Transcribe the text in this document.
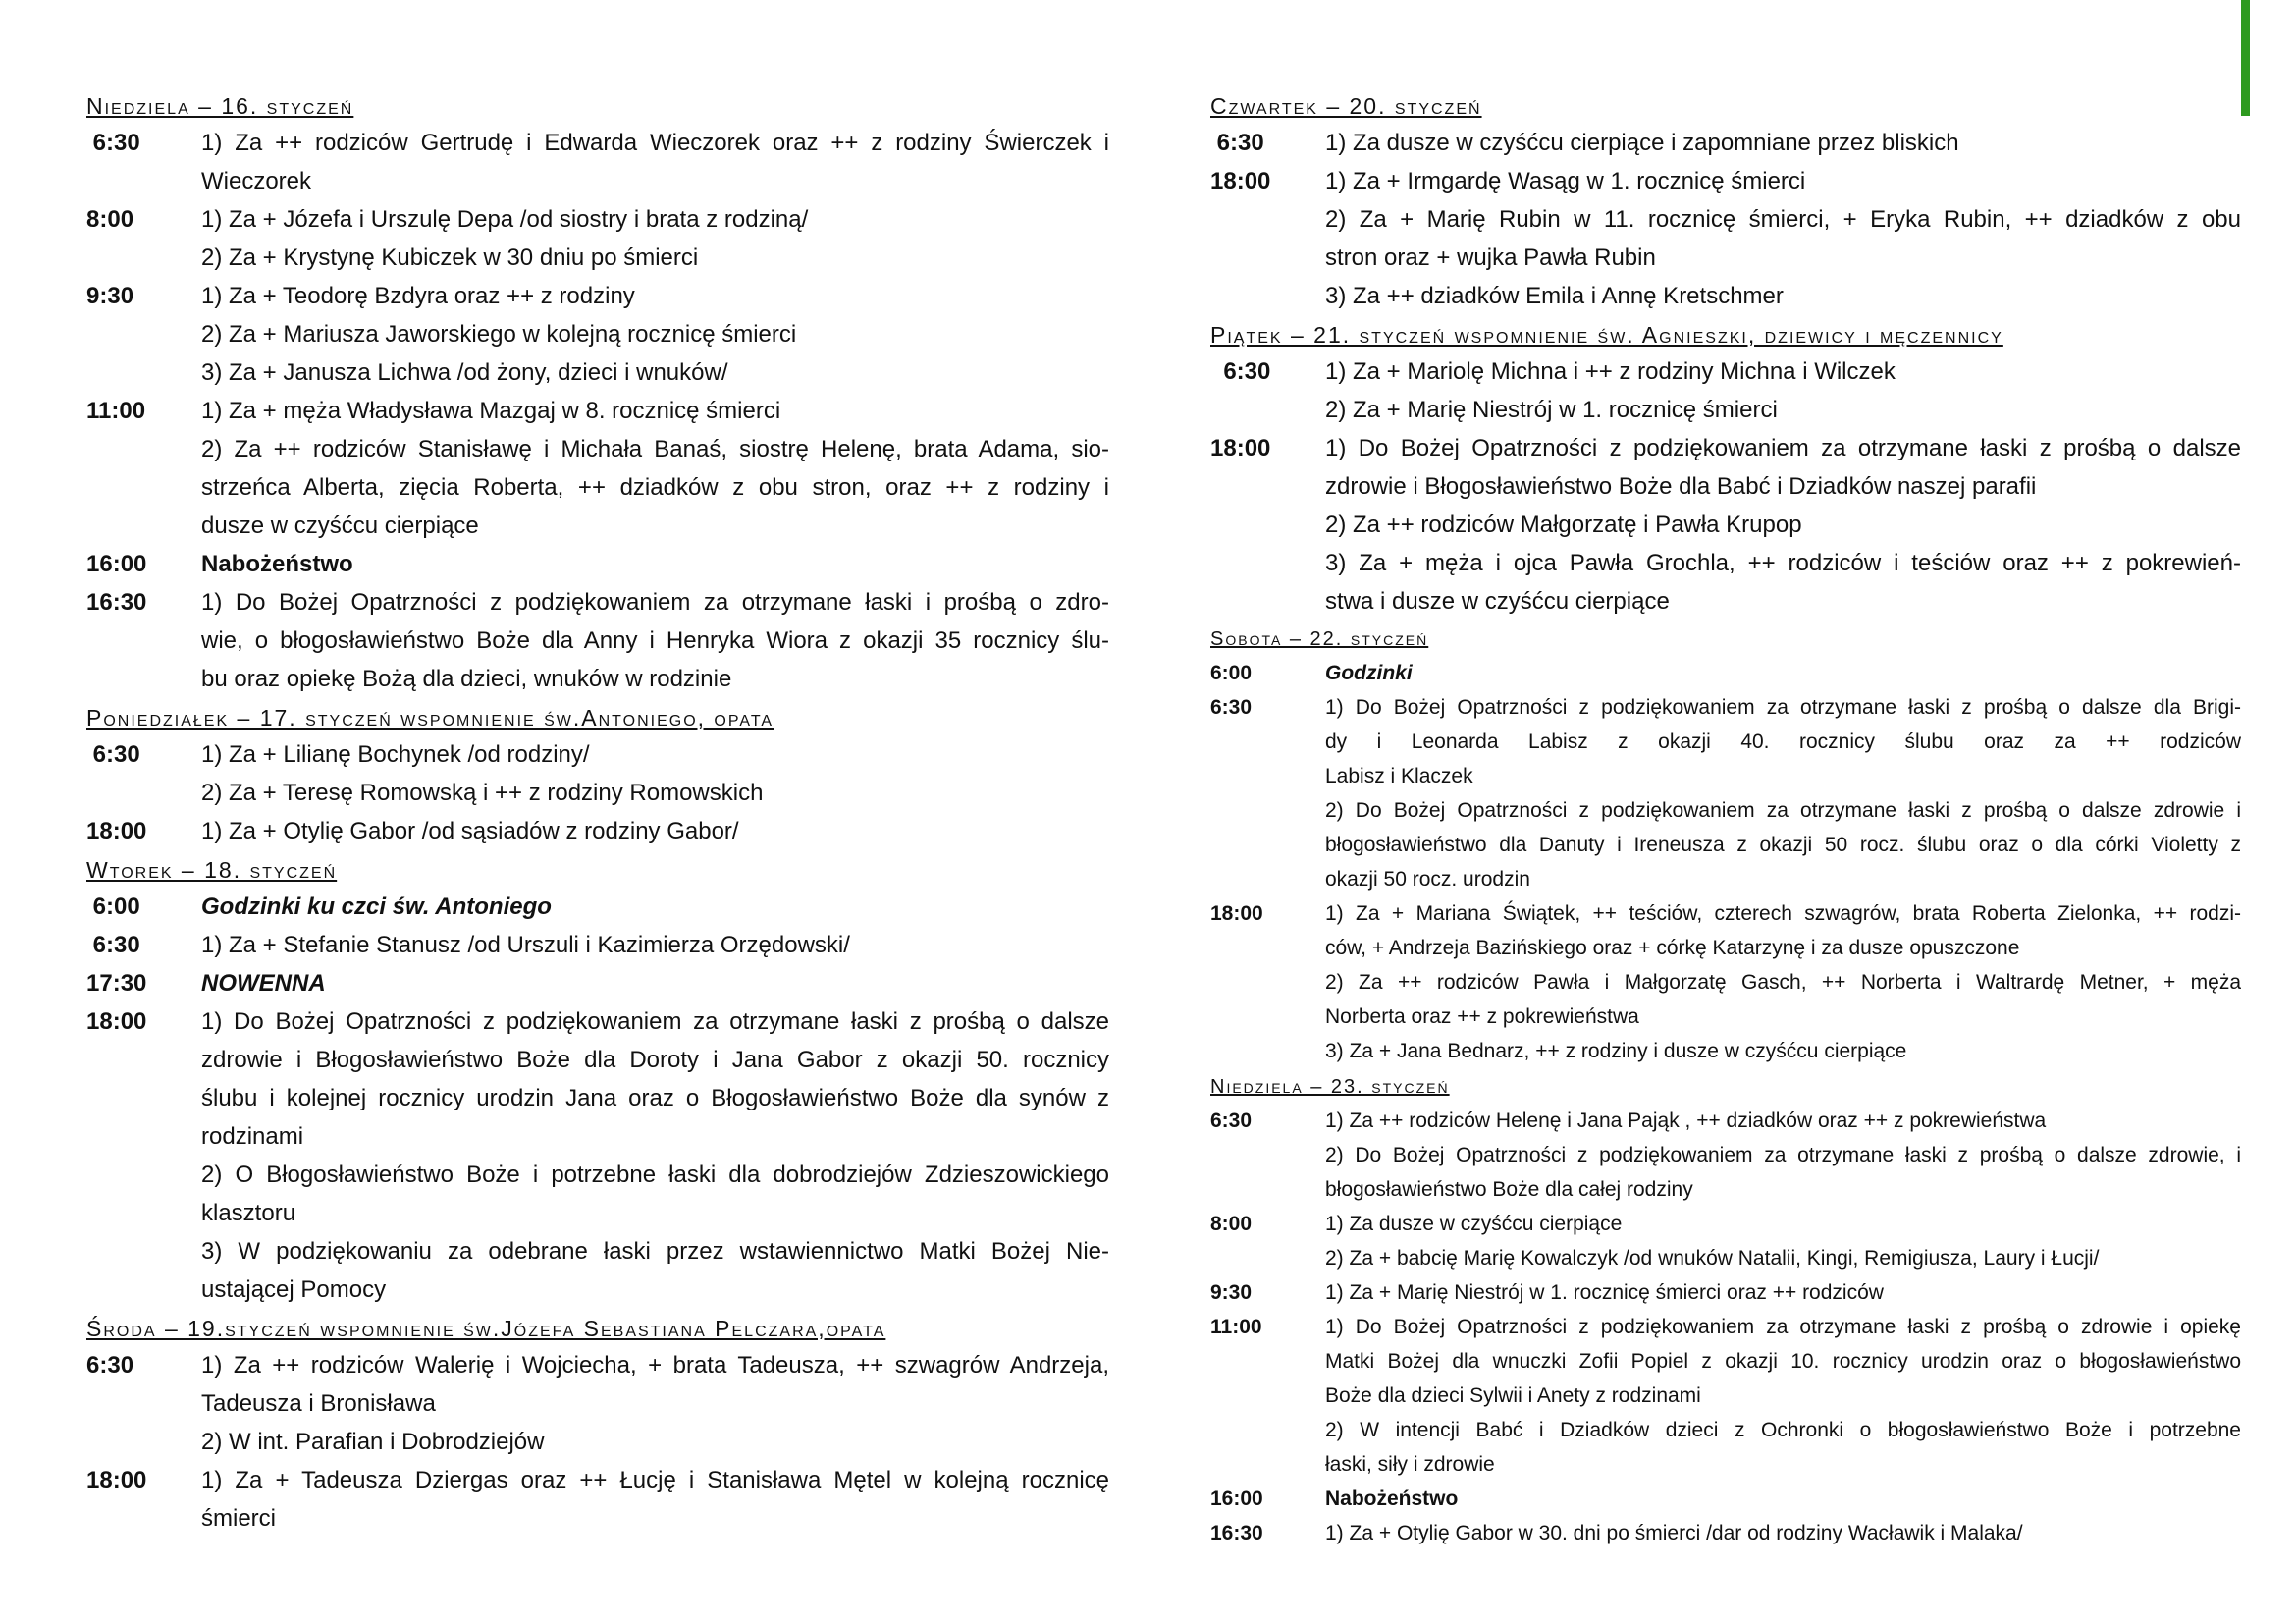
Niedziela – 16. styczeń
6:30	1) Za ++ rodziców Gertrudę i Edwarda Wieczorek oraz ++ z rodziny Świerczek i
Wieczorek
8:00	1) Za + Józefa i Urszulę Depa /od siostry i brata z rodziną/
2) Za + Krystynę Kubiczek w 30 dniu po śmierci
9:30	1) Za + Teodorę Bzdyra oraz ++ z rodziny
2) Za + Mariusza Jaworskiego w kolejną rocznicę śmierci
3) Za + Janusza Lichwa /od żony, dzieci i wnuków/
11:00	1) Za + męża Władysława Mazgaj w 8. rocznicę śmierci
2) Za ++ rodziców Stanisławę i Michała Banaś, siostrę Helenę, brata Adama, sio-
strzeńca Alberta, zięcia Roberta, ++ dziadków z obu stron, oraz ++ z rodziny i
dusze w czyśćcu cierpiące
16:00	Nabożeństwo
16:30	1) Do Bożej Opatrzności z podziękowaniem za otrzymane łaski i prośbą o zdro-
wie, o błogosławieństwo Boże dla Anny i Henryka Wiora z okazji 35 rocznicy ślu-
bu oraz opiekę Bożą dla dzieci, wnuków w rodzinie
Poniedziałek – 17. styczeń wspomnienie św.Antoniego, opata
6:30	1) Za + Lilianę Bochynek /od rodziny/
2) Za + Teresę Romowską i ++ z rodziny Romowskich
18:00	1) Za + Otylię Gabor /od sąsiadów z rodziny Gabor/
Wtorek – 18. styczeń
6:00	Godzinki ku czci św. Antoniego
6:30	1) Za + Stefanie Stanusz /od Urszuli i Kazimierza Orzędowski/
17:30	NOWENNA
18:00	1) Do Bożej Opatrzności z podziękowaniem za otrzymane łaski z prośbą o dalsze
zdrowie i Błogosławieństwo Boże dla Doroty i Jana Gabor z okazji 50. rocznicy
ślubu i kolejnej rocznicy urodzin Jana oraz o Błogosławieństwo Boże dla synów z
rodzinami
2) O Błogosławieństwo Boże i potrzebne łaski dla dobrodziejów Zdzieszowickiego
klasztoru
3) W podziękowaniu za odebrane łaski przez wstawiennictwo Matki Bożej Nie-
ustającej Pomocy
Środa – 19.styczeń wspomnienie św.Józefa Sebastiana Pelczara,opata
6:30	1) Za ++ rodziców Walerię i Wojciecha, + brata Tadeusza, ++ szwagrów Andrzeja,
Tadeusza i Bronisława
2) W int. Parafian i Dobrodziejów
18:00	1) Za + Tadeusza Dziergas oraz ++ Łucję i Stanisława Mętel w kolejną rocznicę
śmierci
Czwartek – 20. styczeń
6:30	1) Za dusze w czyśćcu cierpiące i zapomniane przez bliskich
18:00	1) Za + Irmgardę Wasąg w 1. rocznicę śmierci
2) Za + Marię Rubin w 11. rocznicę śmierci, + Eryka Rubin, ++ dziadków z obu
stron oraz + wujka Pawła Rubin
3) Za ++ dziadków Emila i Annę Kretschmer
Piątek – 21. styczeń wspomnienie św. Agnieszki, dziewicy i męczennicy
6:30	1) Za + Mariolę Michna i ++ z rodziny Michna i Wilczek
2) Za + Marię Niestrój w 1. rocznicę śmierci
18:00	1) Do Bożej Opatrzności z podziękowaniem za otrzymane łaski z prośbą o dalsze
zdrowie i Błogosławieństwo Boże dla Babć i Dziadków naszej parafii
2) Za ++ rodziców Małgorzatę i Pawła Krupop
3) Za + męża i ojca Pawła Grochla, ++ rodziców i teściów oraz ++ z pokrewień-
stwa i dusze w czyśćcu cierpiące
Sobota – 22. styczeń
6:00	Godzinki
6:30	1) Do Bożej Opatrzności z podziękowaniem za otrzymane łaski z prośbą o dalsze dla Brigi-
dy i Leonarda Labisz z okazji 40. rocznicy ślubu oraz za ++ rodziców
Labisz i Klaczek
2) Do Bożej Opatrzności z podziękowaniem za otrzymane łaski z prośbą o dalsze zdrowie i
błogosławieństwo dla Danuty i Ireneusza z okazji 50 rocz. ślubu oraz o dla córki Violetty z
okazji 50 rocz. urodzin
18:00	1) Za + Mariana Świątek, ++ teściów, czterech szwagrów, brata Roberta Zielonka, ++ rodzi-
ców, + Andrzeja Bazińskiego oraz + córkę Katarzynę i za dusze opuszczone
2) Za ++ rodziców Pawła i Małgorzatę Gasch, ++ Norberta i Waltrardę Metner, + męża
Norberta oraz ++ z pokrewieństwa
3) Za + Jana Bednarz, ++ z rodziny i dusze w czyśćcu cierpiące
Niedziela – 23. styczeń
6:30	1) Za ++ rodziców Helenę i Jana Pająk , ++ dziadków oraz ++ z pokrewieństwa
2) Do Bożej Opatrzności z podziękowaniem za otrzymane łaski z prośbą o dalsze zdrowie, i
błogosławieństwo Boże dla całej rodziny
8:00	1) Za dusze w czyśćcu cierpiące
2) Za + babcię Marię Kowalczyk /od wnuków Natalii, Kingi, Remigiusza, Laury i Łucji/
9:30	1) Za + Marię Niestrój w 1. rocznicę śmierci oraz ++ rodziców
11:00	1) Do Bożej Opatrzności z podziękowaniem za otrzymane łaski z prośbą o zdrowie i opiekę
Matki Bożej dla wnuczki Zofii Popiel z okazji 10. rocznicy urodzin oraz o błogosławieństwo
Boże dla dzieci Sylwii i Anety z rodzinami
2) W intencji Babć i Dziadków dzieci z Ochronki o błogosławieństwo Boże i potrzebne
łaski, siły i zdrowie
16:00	Nabożeństwo
16:30	1) Za + Otylię Gabor w 30. dni po śmierci /dar od rodziny Wacławik i Malaka/
